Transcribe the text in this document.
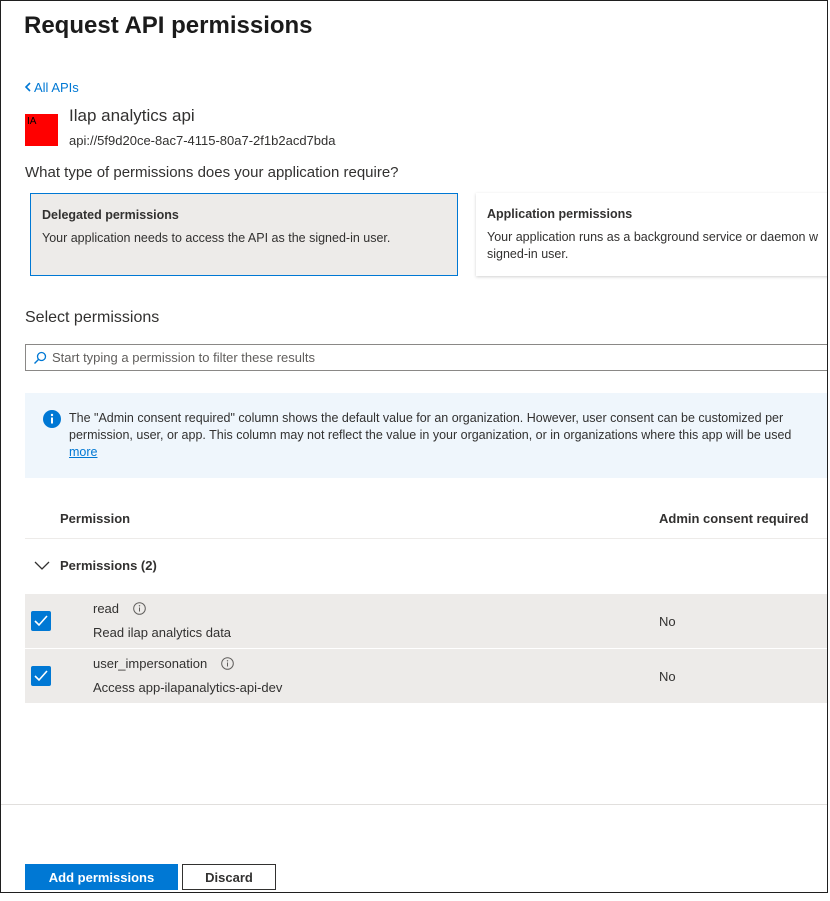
Request API permissions
All APIs
IA Ilap analytics api
api://5f9d20ce-8ac7-4115-80a7-2f1b2acd7bda
What type of permissions does your application require?
Delegated permissions
Your application needs to access the API as the signed-in user.
Application permissions
Your application runs as a background service or daemon w
signed-in user.
Select permissions
Start typing a permission to filter these results
The "Admin consent required" column shows the default value for an organization. However, user consent can be customized per
permission, user, or app. This column may not reflect the value in your organization, or in organizations where this app will be used
more
Permission	Admin consent required
Permissions (2)
read
Read ilap analytics data
No
user_impersonation
Access app-ilapanalytics-api-dev
No
Add permissions	Discard
